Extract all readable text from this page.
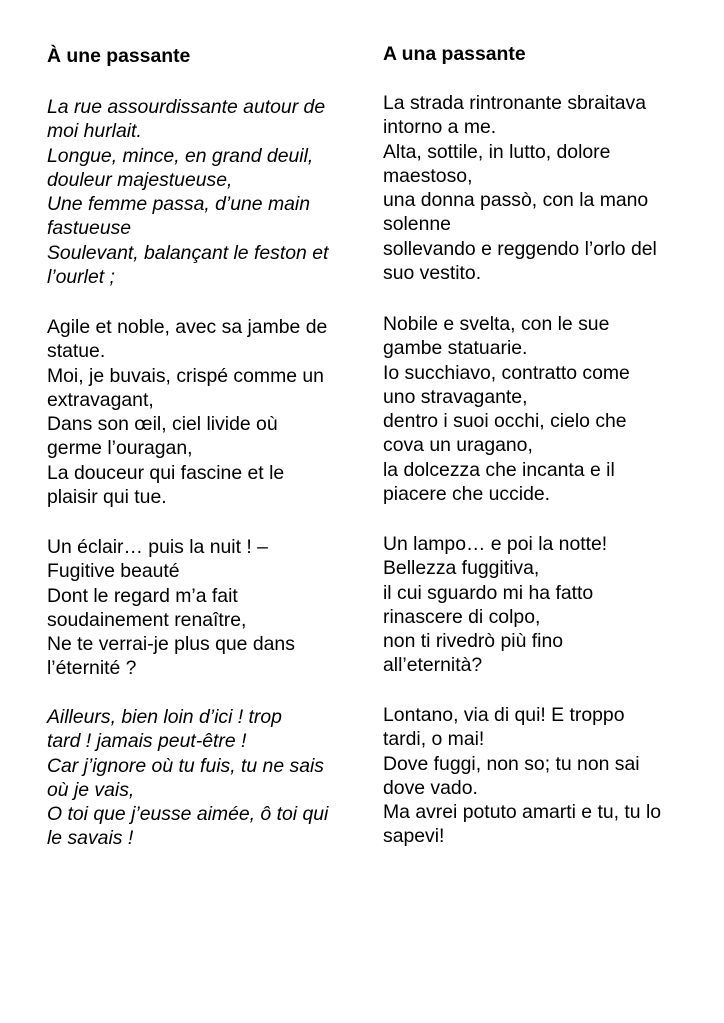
À une passante
La rue assourdissante autour de
moi hurlait.
Longue, mince, en grand deuil,
douleur majestueuse,
Une femme passa, d’une main
fastueuse
Soulevant, balançant le feston et
l’ourlet ;
Agile et noble, avec sa jambe de
statue.
Moi, je buvais, crispé comme un
extravagant,
Dans son œil, ciel livide où
germe l’ouragan,
La douceur qui fascine et le
plaisir qui tue.
Un éclair… puis la nuit ! –
Fugitive beauté
Dont le regard m’a fait
soudainement renaître,
Ne te verrai-je plus que dans
l’éternité ?
Ailleurs, bien loin d’ici ! trop
tard ! jamais peut-être !
Car j’ignore où tu fuis, tu ne sais
où je vais,
O toi que j’eusse aimée, ô toi qui
le savais !
A una passante
La strada rintronante sbraitava
intorno a me.
Alta, sottile, in lutto, dolore
maestoso,
una donna passò, con la mano
solenne
sollevando e reggendo l’orlo del
suo vestito.
Nobile e svelta, con le sue
gambe statuarie.
Io succhiavo, contratto come
uno stravagante,
dentro i suoi occhi, cielo che
cova un uragano,
la dolcezza che incanta e il
piacere che uccide.
Un lampo… e poi la notte!
Bellezza fuggitiva,
il cui sguardo mi ha fatto
rinascere di colpo,
non ti rivedrò più fino
all’eternità?
Lontano, via di qui! E troppo
tardi, o mai!
Dove fuggi, non so; tu non sai
dove vado.
Ma avrei potuto amarti e tu, tu lo
sapevi!
